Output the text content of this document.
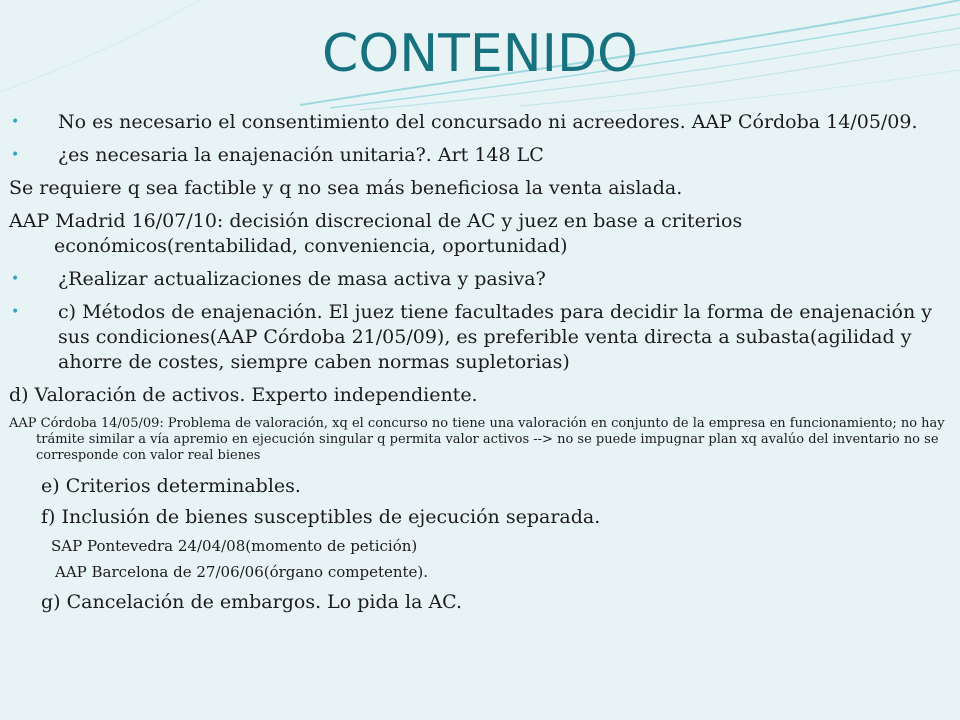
CONTENIDO
• No es necesario el consentimiento del concursado ni acreedores. AAP Córdoba 14/05/09.
• ¿es necesaria la enajenación unitaria?. Art 148 LC
Se requiere q sea factible y q no sea más beneficiosa la venta aislada.
AAP Madrid 16/07/10: decisión discrecional de AC y juez en base a criterios económicos(rentabilidad, conveniencia, oportunidad)
• ¿Realizar actualizaciones de masa activa y pasiva?
• c) Métodos de enajenación. El juez tiene facultades para decidir la forma de enajenación y sus condiciones(AAP Córdoba 21/05/09), es preferible venta directa a subasta(agilidad y ahorre de costes, siempre caben normas supletorias)
d) Valoración de activos. Experto independiente.
AAP Córdoba 14/05/09: Problema de valoración, xq el concurso no tiene una valoración en conjunto de la empresa en funcionamiento; no hay trámite similar a vía apremio en ejecución singular q permita valor activos --> no se puede impugnar plan xq avalúo del inventario no se corresponde con valor real bienes
e) Criterios determinables.
f) Inclusión de bienes susceptibles de ejecución separada.
SAP Pontevedra 24/04/08(momento de petición)
AAP Barcelona de 27/06/06(órgano competente).
g) Cancelación de embargos. Lo pida la AC.
